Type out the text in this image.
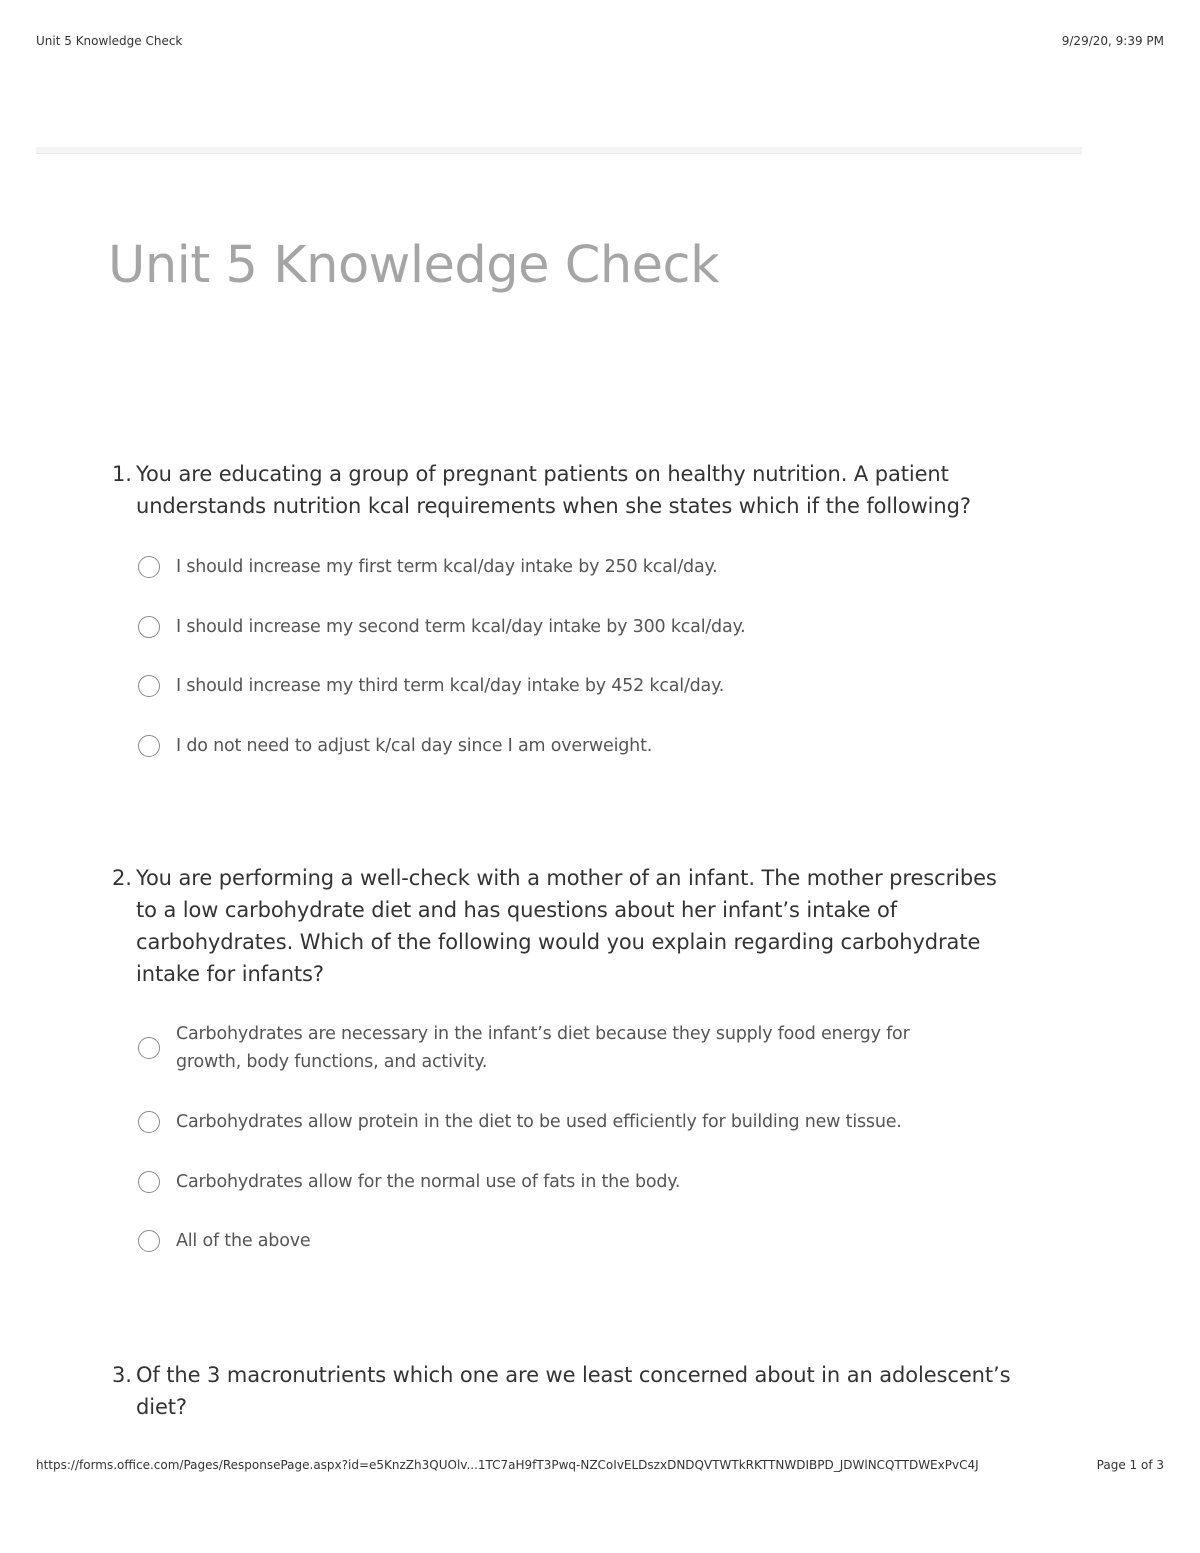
Unit 5 Knowledge Check	9/29/20, 9:39 PM
Unit 5 Knowledge Check
1. You are educating a group of pregnant patients on healthy nutrition. A patient understands nutrition kcal requirements when she states which if the following?
I should increase my first term kcal/day intake by 250 kcal/day.
I should increase my second term kcal/day intake by 300 kcal/day.
I should increase my third term kcal/day intake by 452 kcal/day.
I do not need to adjust k/cal day since I am overweight.
2. You are performing a well-check with a mother of an infant. The mother prescribes to a low carbohydrate diet and has questions about her infant’s intake of carbohydrates. Which of the following would you explain regarding carbohydrate intake for infants?
Carbohydrates are necessary in the infant’s diet because they supply food energy for growth, body functions, and activity.
Carbohydrates allow protein in the diet to be used efficiently for building new tissue.
Carbohydrates allow for the normal use of fats in the body.
All of the above
3. Of the 3 macronutrients which one are we least concerned about in an adolescent’s diet?
https://forms.office.com/Pages/ResponsePage.aspx?id=e5KnzZh3QUOlv...1TC7aH9fT3Pwq-NZCoIvELDszxDNDQVTWTkRKTTNWDIBPD_JDWlNCQTTDWExPvC4J	Page 1 of 3
